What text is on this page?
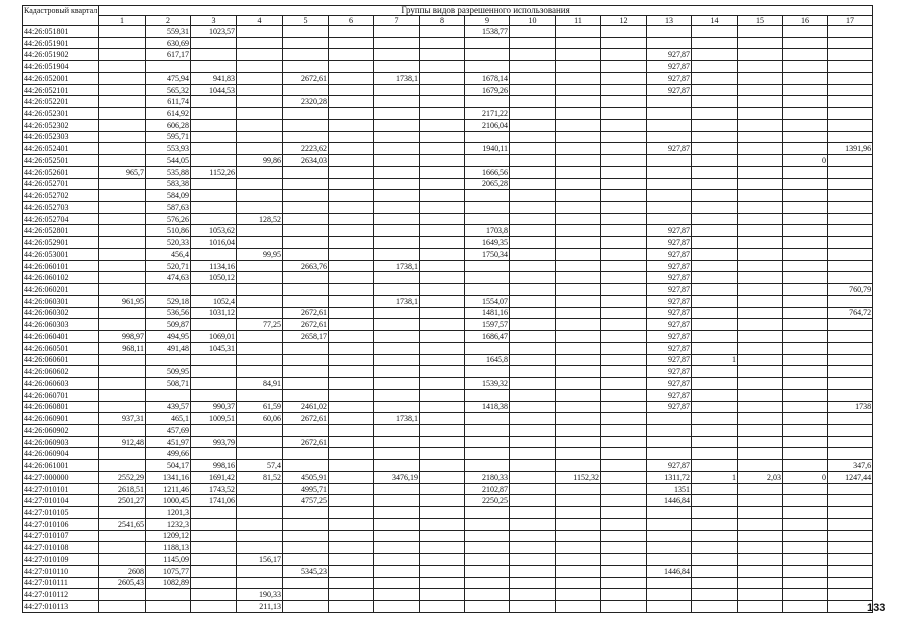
Кадастровый квартал	Группы видов разрешенного использования																
	1	2	3	4	5	6	7	8	9	10	11	12	13	14	15	16	17
44:26:051801		559,31	1023,57						1538,77								
44:26:051901		630,69															
44:26:051902		617,17											927,87				
44:26:051904													927,87				
44:26:052001		475,94	941,83		2672,61		1738,1		1678,14				927,87				
44:26:052101		565,32	1044,53						1679,26				927,87				
44:26:052201		611,74			2320,28												
44:26:052301		614,92							2171,22								
44:26:052302		606,28							2106,04								
44:26:052303		595,71															
44:26:052401		553,93			2223,62				1940,11				927,87				1391,96
44:26:052501		544,05		99,86	2634,03											0	
44:26:052601	965,7	535,88	1152,26						1666,56								
44:26:052701		583,38							2065,28								
44:26:052702		584,09															
44:26:052703		587,63															
44:26:052704		576,26		128,52													
44:26:052801		510,86	1053,62						1703,8				927,87				
44:26:052901		520,33	1016,04						1649,35				927,87				
44:26:053001		456,4		99,95					1750,34				927,87				
44:26:060101		520,71	1134,16		2663,76		1738,1						927,87				
44:26:060102		474,63	1050,12										927,87				
44:26:060201													927,87				760,79
44:26:060301	961,95	529,18	1052,4				1738,1		1554,07				927,87				
44:26:060302		536,56	1031,12		2672,61				1481,16				927,87				764,72
44:26:060303		509,87		77,25	2672,61				1597,57				927,87				
44:26:060401	998,97	494,95	1069,01		2658,17				1686,47				927,87				
44:26:060501	968,11	491,48	1045,31										927,87				
44:26:060601									1645,8				927,87	1			
44:26:060602		509,95											927,87				
44:26:060603		508,71		84,91					1539,32				927,87				
44:26:060701													927,87				
44:26:060801		439,57	990,37	61,59	2461,02				1418,38				927,87				1738
44:26:060901	937,31	465,1	1009,51	60,06	2672,61		1738,1										
44:26:060902		457,69															
44:26:060903	912,48	451,97	993,79		2672,61												
44:26:060904		499,66															
44:26:061001		504,17	998,16	57,4									927,87				347,6
44:27:000000	2552,29	1341,16	1691,42	81,52	4505,91		3476,19		2180,33		1152,32		1311,72	1	2,03	0	1247,44
44:27:010101	2618,51	1211,46	1743,52		4995,71				2102,87				1351				
44:27:010104	2501,27	1000,45	1741,06		4757,25				2250,25				1446,84				
44:27:010105		1201,3															
44:27:010106	2541,65	1232,3															
44:27:010107		1209,12															
44:27:010108		1188,13															
44:27:010109		1145,09		156,17													
44:27:010110	2608	1075,77			5345,23								1446,84				
44:27:010111	2605,43	1082,89															
44:27:010112				190,33													
44:27:010113				211,13														133
